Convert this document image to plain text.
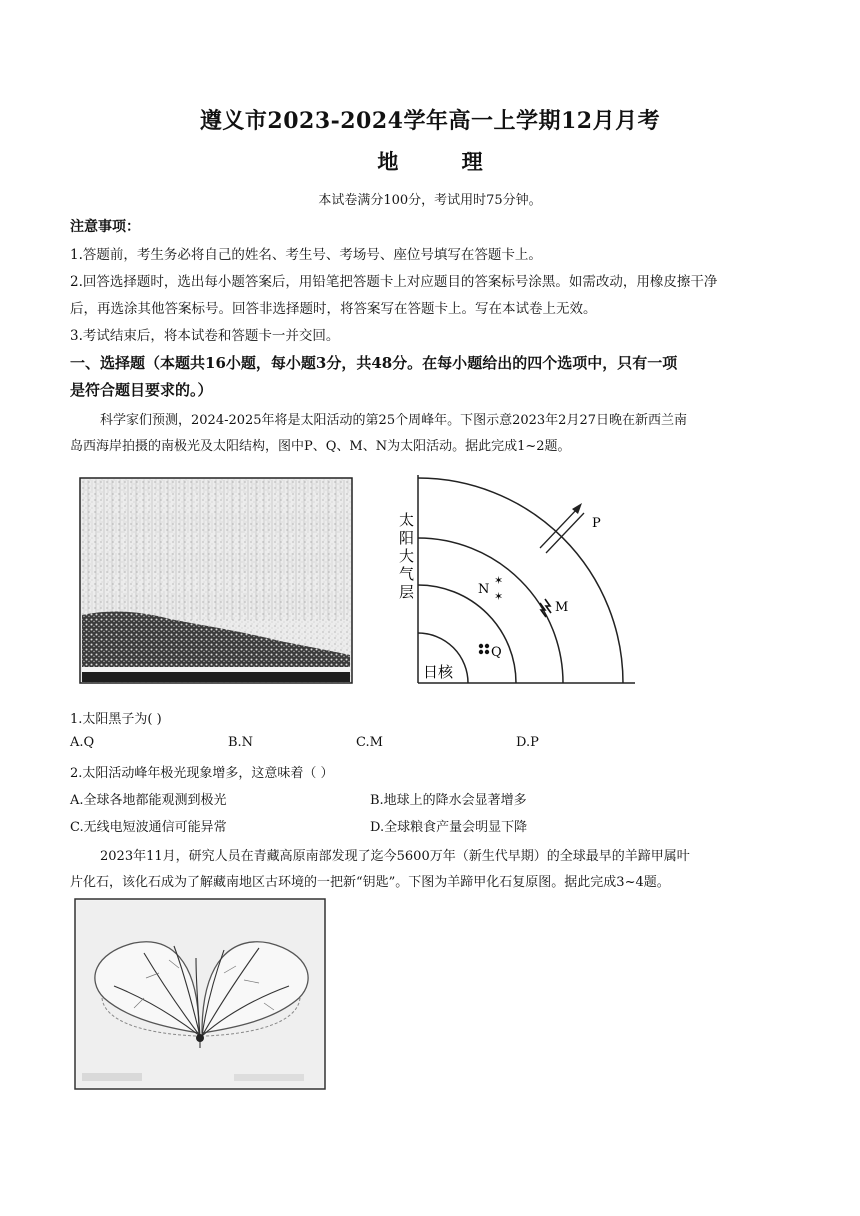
遵义市2023-2024学年高一上学期12月月考
地 理
本试卷满分100分，考试用时75分钟。
注意事项：
1.答题前，考生务必将自己的姓名、考生号、考场号、座位号填写在答题卡上。
2.回答选择题时，选出每小题答案后，用铅笔把答题卡上对应题目的答案标号涂黑。如需改动，用橡皮擦干净
后，再选涂其他答案标号。回答非选择题时，将答案写在答题卡上。写在本试卷上无效。
3.考试结束后，将本试卷和答题卡一并交回。
一、选择题（本题共16小题，每小题3分，共48分。在每小题给出的四个选项中，只有一项
是符合题目要求的。）
科学家们预测，2024-2025年将是太阳活动的第25个周峰年。下图示意2023年2月27日晚在新西兰南
岛西海岸拍摄的南极光及太阳结构，图中P、Q、M、N为太阳活动。据此完成1~2题。
✶
✶
P
N
M
Q
太
阳
大
气
层
日核
1.太阳黑子为( )
A.Q	B.N	C.M	D.P
2.太阳活动峰年极光现象增多，这意味着（ ）
A.全球各地都能观测到极光	B.地球上的降水会显著增多
C.无线电短波通信可能异常	D.全球粮食产量会明显下降
2023年11月，研究人员在青藏高原南部发现了迄今5600万年（新生代早期）的全球最早的羊蹄甲属叶
片化石，该化石成为了解藏南地区古环境的一把新“钥匙”。下图为羊蹄甲化石复原图。据此完成3~4题。
